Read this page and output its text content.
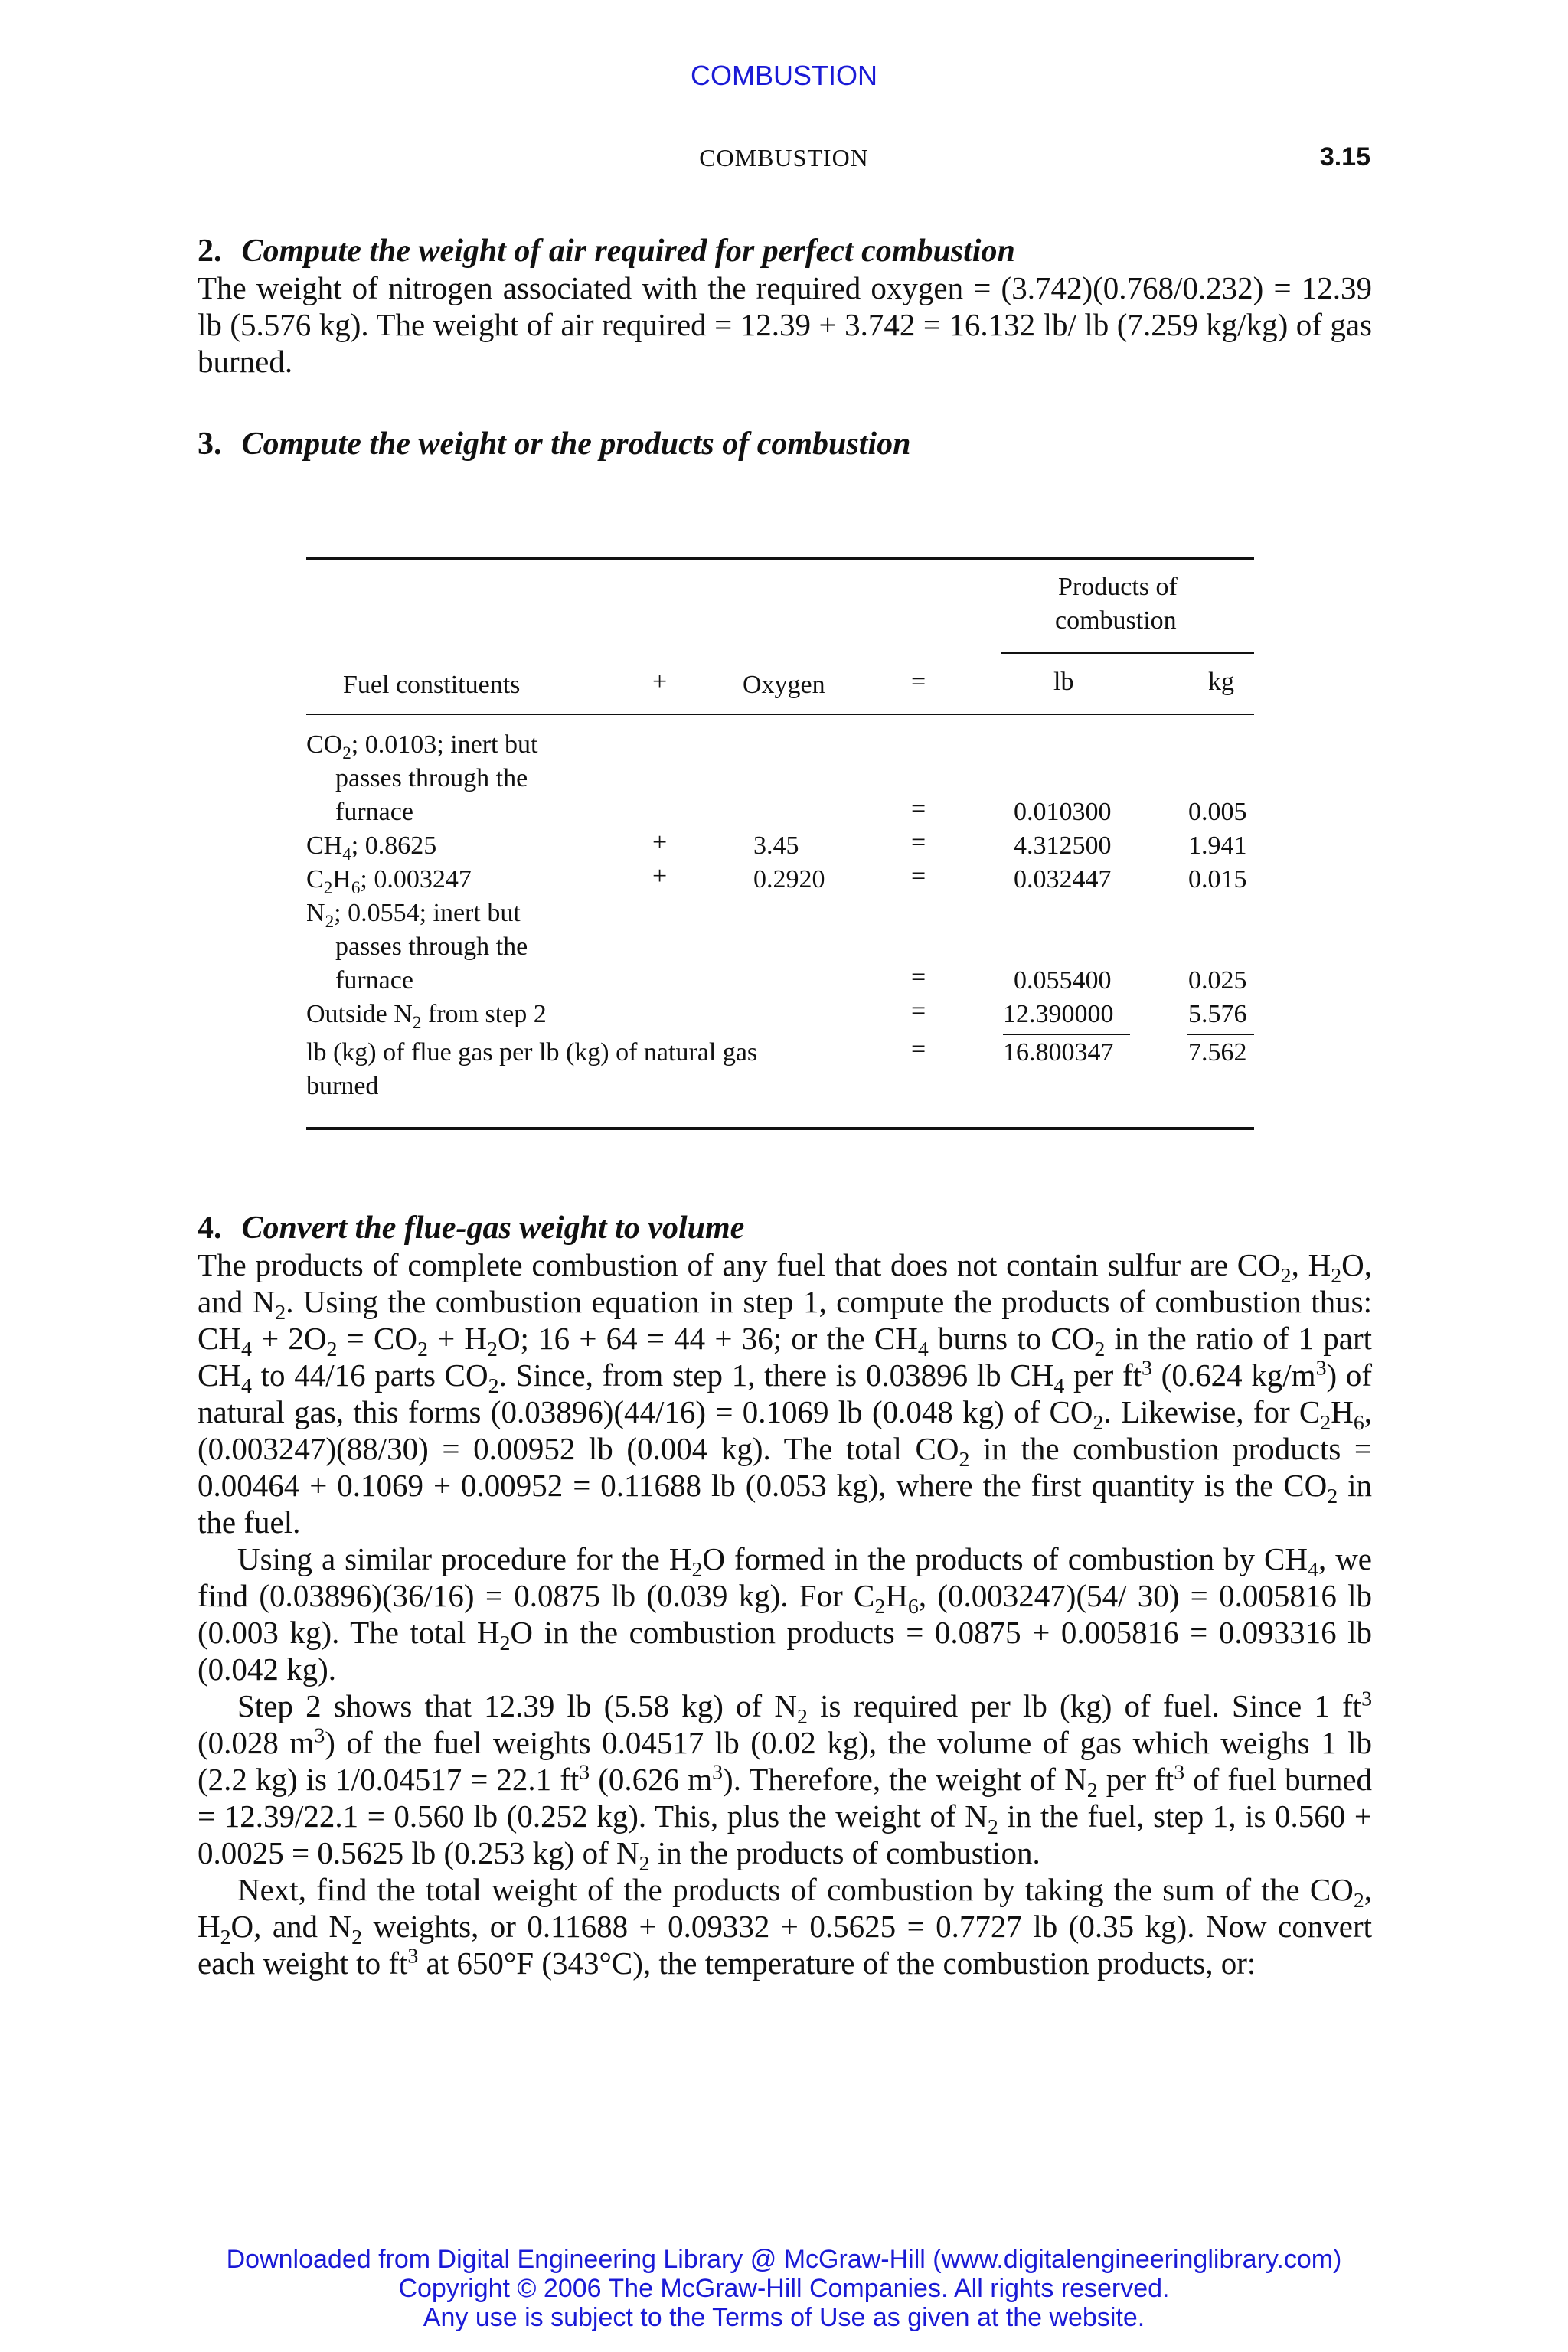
COMBUSTION
COMBUSTION	3.15
2. Compute the weight of air required for perfect combustion

The weight of nitrogen associated with the required oxygen = (3.742)(0.768/0.232) = 12.39 lb (5.576 kg). The weight of air required = 12.39 + 3.742 = 16.132 lb/ lb (7.259 kg/kg) of gas burned.

3. Compute the weight or the products of combustion
Products of
combustion
Fuel constituents	+	Oxygen	=	lb	kg
$CO_2$; 0.0103; inert but
passes through the
furnace	=	0.010300	0.005
$CH_4$; 0.8625	+	3.45	=	4.312500	1.941
$C_2H_6$; 0.003247	+	0.2920	=	0.032447	0.015
$N_2$; 0.0554; inert but
passes through the
furnace	=	0.055400	0.025
Outside $N_2$ from step 2	=	12.390000	5.576
lb (kg) of flue gas per lb (kg) of natural gas
burned
=	16.800347	7.562
4. Convert the flue-gas weight to volume

The products of complete combustion of any fuel that does not contain sulfur are $CO_2$, $H_2O$, and $N_2$. Using the combustion equation in step 1, compute the products of combustion thus: $CH_4 + 2O_2 = CO_2 + H_2O$; 16 + 64 = 44 + 36; or the $CH_4$ burns to $CO_2$ in the ratio of 1 part $CH_4$ to 44/16 parts $CO_2$. Since, from step 1, there is 0.03896 lb $CH_4$ per $ft^3$ (0.624 $kg/m^3$) of natural gas, this forms (0.03896)(44/16) = 0.1069 lb (0.048 kg) of $CO_2$. Likewise, for $C_2H_6$, (0.003247)(88/30) = 0.00952 lb (0.004 kg). The total $CO_2$ in the combustion products = 0.00464 + 0.1069 + 0.00952 = 0.11688 lb (0.053 kg), where the first quantity is the $CO_2$ in the fuel.

Using a similar procedure for the $H_2O$ formed in the products of combustion by $CH_4$, we find (0.03896)(36/16) = 0.0875 lb (0.039 kg). For $C_2H_6$, (0.003247)(54/ 30) = 0.005816 lb (0.003 kg). The total $H_2O$ in the combustion products = 0.0875 + 0.005816 = 0.093316 lb (0.042 kg).

Step 2 shows that 12.39 lb (5.58 kg) of $N_2$ is required per lb (kg) of fuel. Since 1 $ft^3$ (0.028 $m^3$) of the fuel weights 0.04517 lb (0.02 kg), the volume of gas which weighs 1 lb (2.2 kg) is 1/0.04517 = 22.1 $ft^3$ (0.626 $m^3$). Therefore, the weight of $N_2$ per $ft^3$ of fuel burned = 12.39/22.1 = 0.560 lb (0.252 kg). This, plus the weight of $N_2$ in the fuel, step 1, is 0.560 + 0.0025 = 0.5625 lb (0.253 kg) of $N_2$ in the products of combustion.

Next, find the total weight of the products of combustion by taking the sum of the $CO_2$, $H_2O$, and $N_2$ weights, or 0.11688 + 0.09332 + 0.5625 = 0.7727 lb (0.35 kg). Now convert each weight to $ft^3$ at 650°F (343°C), the temperature of the combustion products, or:

Downloaded from Digital Engineering Library @ McGraw-Hill (www.digitalengineeringlibrary.com)
Copyright © 2006 The McGraw-Hill Companies. All rights reserved.
Any use is subject to the Terms of Use as given at the website.
